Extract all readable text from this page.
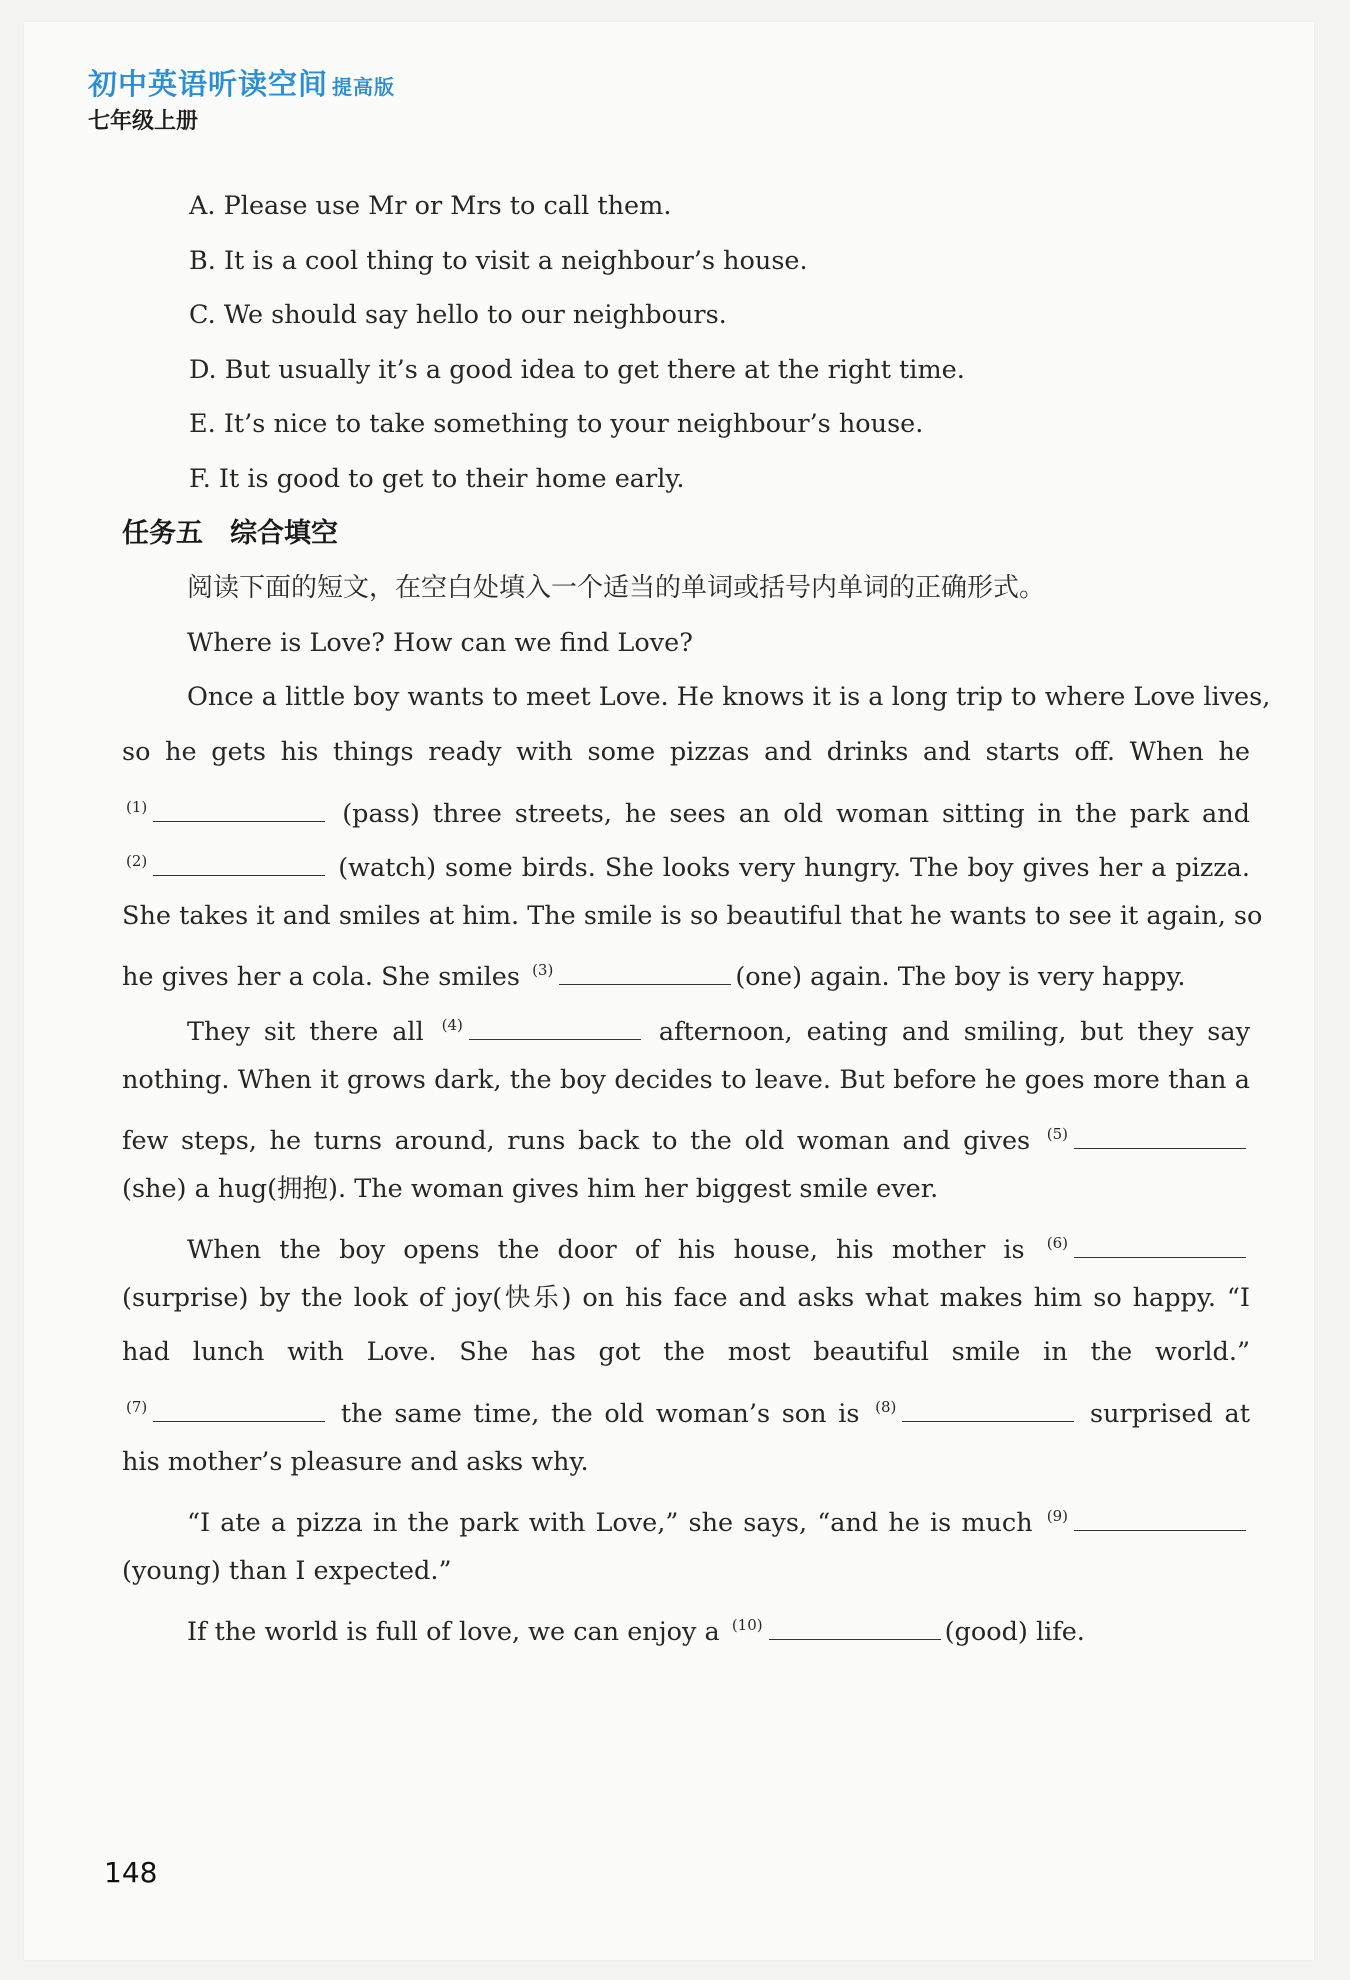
初中英语听读空间 提高版
七年级上册
A. Please use Mr or Mrs to call them.
B. It is a cool thing to visit a neighbour’s house.
C. We should say hello to our neighbours.
D. But usually it’s a good idea to get there at the right time.
E. It’s nice to take something to your neighbour’s house.
F. It is good to get to their home early.
任务五　综合填空
阅读下面的短文，在空白处填入一个适当的单词或括号内单词的正确形式。
Where is Love? How can we find Love?
Once a little boy wants to meet Love. He knows it is a long trip to where Love lives,
so he gets his things ready with some pizzas and drinks and starts off. When he
$^{(1)}$	(pass) three streets, he sees an old woman sitting in the park and
$^{(2)}$	(watch) some birds. She looks very hungry. The boy gives her a pizza.
She takes it and smiles at him. The smile is so beautiful that he wants to see it again, so
he gives her a cola. She smiles $^{(3)}$	(one) again. The boy is very happy.
They sit there all $^{(4)}$	afternoon, eating and smiling, but they say
nothing. When it grows dark, the boy decides to leave. But before he goes more than a
few steps, he turns around, runs back to the old woman and gives $^{(5)}$
(she) a hug(拥抱). The woman gives him her biggest smile ever.
When the boy opens the door of his house, his mother is $^{(6)}$
(surprise) by the look of joy(快乐) on his face and asks what makes him so happy. “I
had lunch with Love. She has got the most beautiful smile in the world.”
$^{(7)}$	the same time, the old woman’s son is $^{(8)}$	surprised at
his mother’s pleasure and asks why.
“I ate a pizza in the park with Love,” she says, “and he is much $^{(9)}$
(young) than I expected.”
If the world is full of love, we can enjoy a $^{(10)}$	(good) life.
148
